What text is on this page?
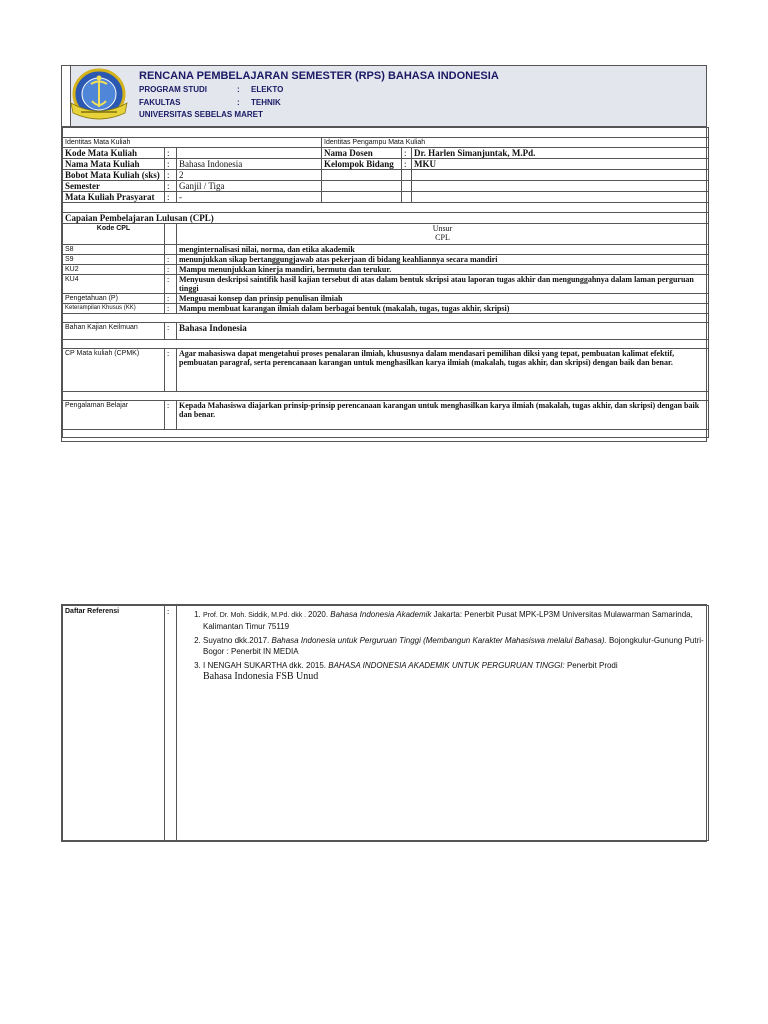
RENCANA PEMBELAJARAN SEMESTER (RPS) BAHASA INDONESIA
PROGRAM STUDI	: ELEKTO
FAKULTAS	: TEHNIK
UNIVERSITAS SEBELAS MARET

Identitas Mata Kuliah			Identitas Pengampu Mata Kuliah		
Kode Mata Kuliah	:		Nama Dosen	:	Dr. Harlen Simanjuntak, M.Pd.
Nama Mata Kuliah	:	Bahasa Indonesia	Kelompok Bidang	:	MKU
Bobot Mata Kuliah (sks)	:	2			
Semester	:	Ganjil / Tiga			
Mata Kuliah Prasyarat	:	-			

Capaian Pembelajaran Lulusan (CPL)					
Kode CPL		Unsur
CPL			

S8		menginternalisasi nilai, norma, dan etika akademik			
S9	:	menunjukkan sikap bertanggungjawab atas pekerjaan di bidang keahliannya secara mandiri			
KU2	:	Mampu menunjukkan kinerja mandiri, bermutu dan terukur.			
KU4	:	Menyusun deskripsi saintifik hasil kajian tersebut di atas dalam bentuk skripsi atau laporan tugas akhir dan mengunggahnya dalam laman perguruan tinggi			
Pengetahuan (P)	:	Menguasai konsep dan prinsip penulisan ilmiah			
Keterampilan Khusus (KK)	:	Mampu membuat karangan ilmiah dalam berbagai bentuk (makalah, tugas, tugas akhir, skripsi)			

Bahan Kajian Keilmuan	:	Bahasa Indonesia			

CP Mata kuliah (CPMK)	:	Agar mahasiswa dapat mengetahui proses penalaran ilmiah, khususnya dalam mendasari pemilihan diksi yang tepat, pembuatan kalimat efektif,
pembuatan paragraf, serta perencanaan karangan untuk menghasilkan karya ilmiah (makalah, tugas akhir, dan skripsi) dengan baik dan benar.			

Pengalaman Belajar	:	Kepada Mahasiswa diajarkan prinsip-prinsip perencanaan karangan untuk menghasilkan karya ilmiah (makalah, tugas akhir, dan skripsi) dengan baik dan benar.			

Daftar Referensi	:	
1.Prof. Dr. Moh. Siddik, M.Pd. dkk . 2020. Bahasa Indonesia Akademik Jakarta: Penerbit Pusat MPK-LP3M Universitas Mulawarman Samarinda, Kalimantan Timur 75119
2. Suyatno dkk.2017. Bahasa Indonesia untuk Perguruan Tinggi (Membangun Karakter Mahasiswa melalui Bahasa). Bojongkulur-Gunung Putri-Bogor : Penerbit IN MEDIA
3. I NENGAH SUKARTHA dkk. 2015. BAHASA INDONESIA AKADEMIK UNTUK PERGURUAN TINGGI: Penerbit Prodi
Bahasa Indonesia FSB Unud
